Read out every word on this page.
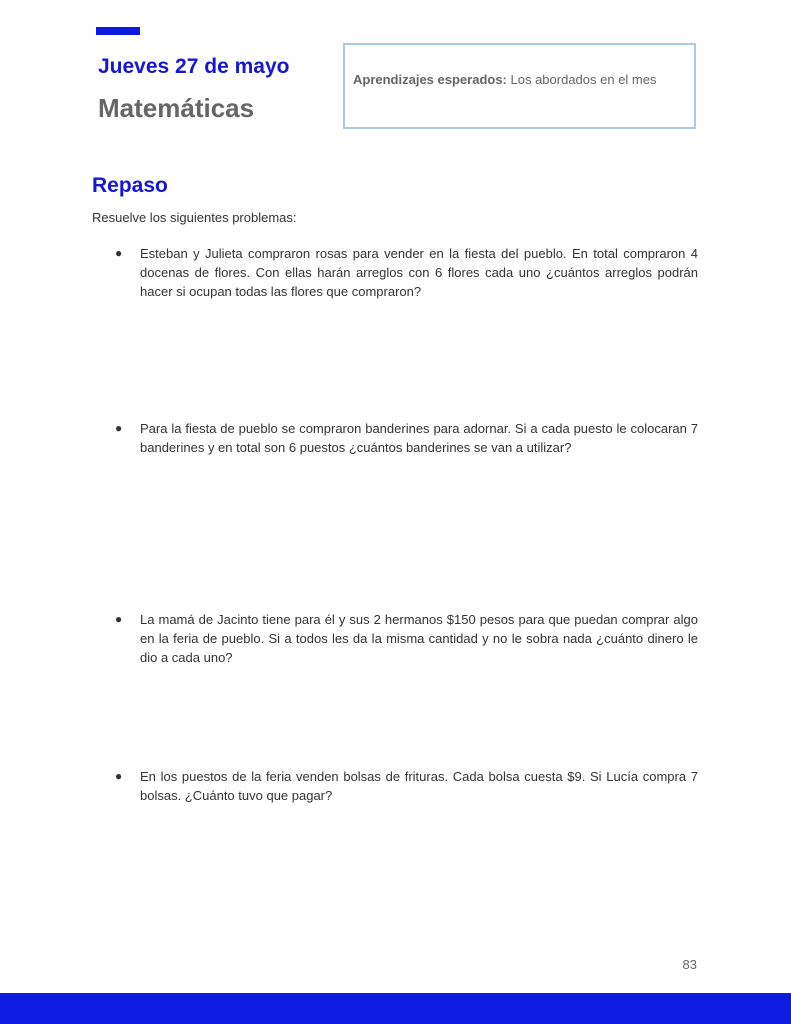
Jueves 27 de mayo
Matemáticas
Aprendizajes esperados: Los abordados en el mes
Repaso
Resuelve los siguientes problemas:
● Esteban y Julieta compraron rosas para vender en la fiesta del pueblo. En total compraron 4 docenas de flores. Con ellas harán arreglos con 6 flores cada uno ¿cuántos arreglos podrán hacer si ocupan todas las flores que compraron?
● Para la fiesta de pueblo se compraron banderines para adornar. Si a cada puesto le colocaran 7 banderines y en total son 6 puestos ¿cuántos banderines se van a utilizar?
● La mamá de Jacinto tiene para él y sus 2 hermanos $150 pesos para que puedan comprar algo en la feria de pueblo. Si a todos les da la misma cantidad y no le sobra nada ¿cuánto dinero le dio a cada uno?
● En los puestos de la feria venden bolsas de frituras. Cada bolsa cuesta $9. Si Lucía compra 7 bolsas. ¿Cuánto tuvo que pagar?
83
